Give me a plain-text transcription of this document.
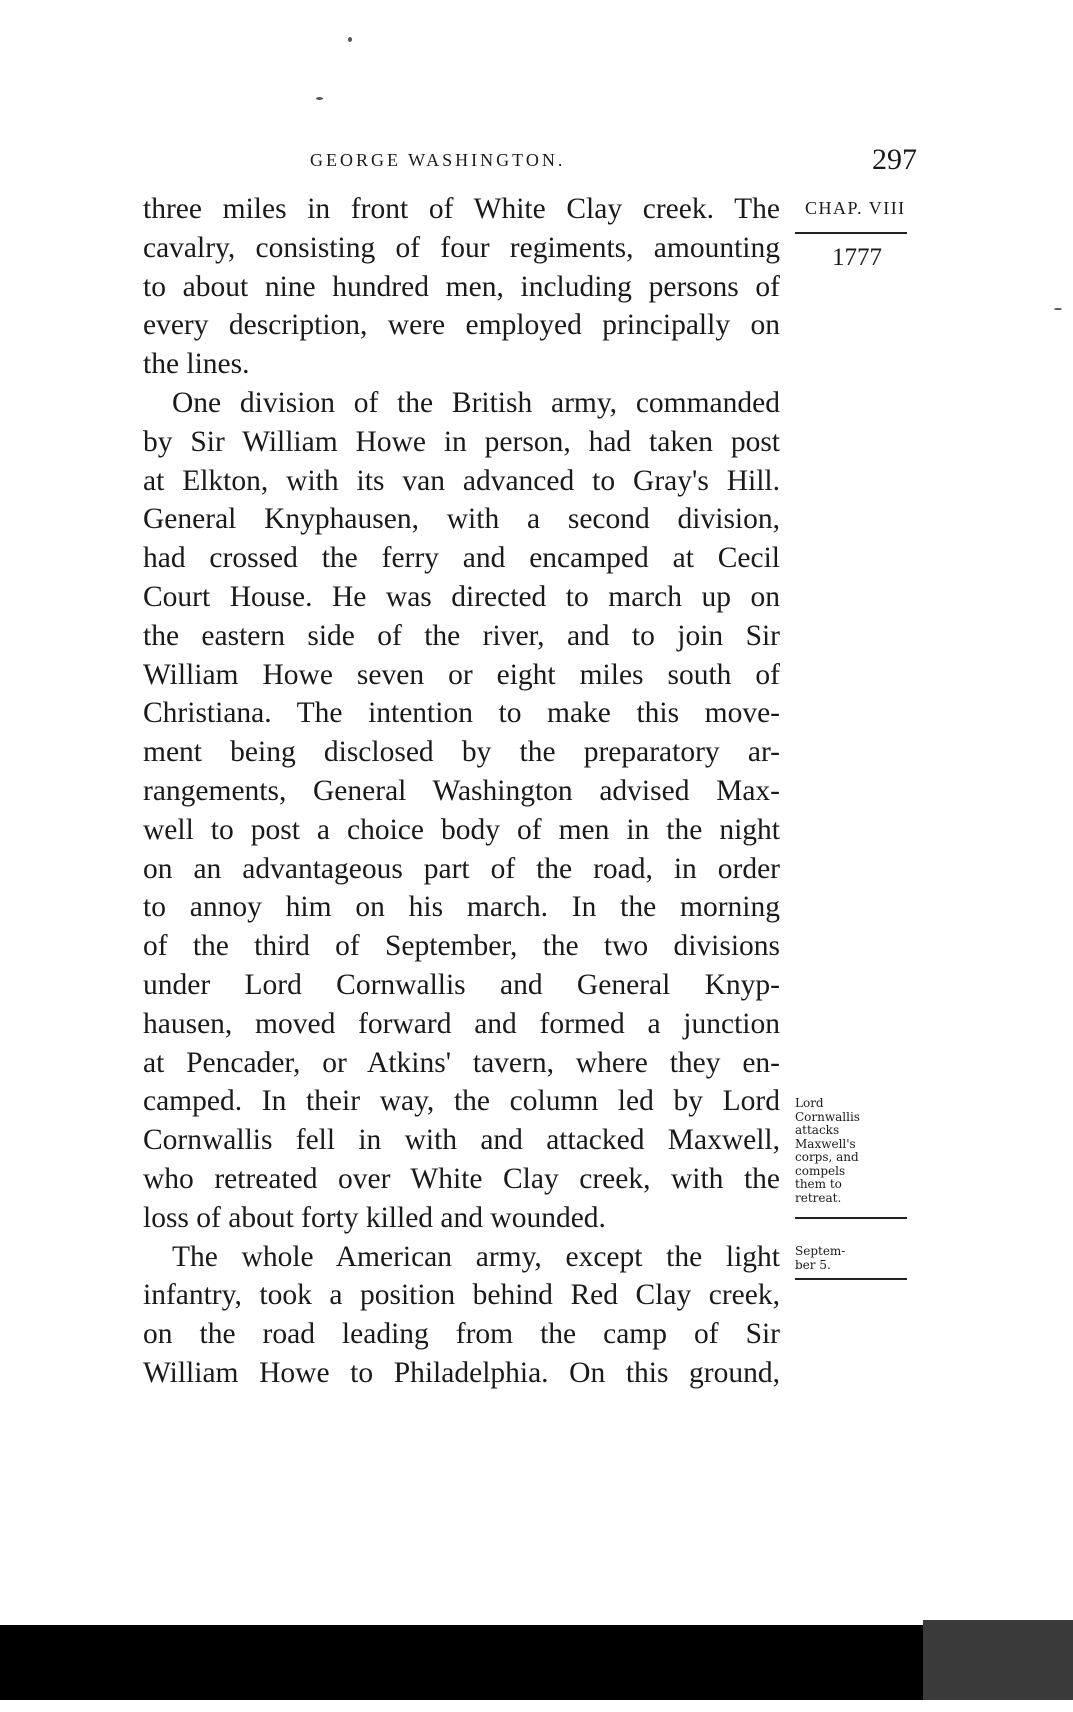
GEORGE WASHINGTON.	297
CHAP. VIII
1777
three miles in front of White Clay creek. The
cavalry, consisting of four regiments, amounting
to about nine hundred men, including persons of
every description, were employed principally on
the lines.
One division of the British army, commanded
by Sir William Howe in person, had taken post
at Elkton, with its van advanced to Gray's Hill.
General Knyphausen, with a second division,
had crossed the ferry and encamped at Cecil
Court House. He was directed to march up on
the eastern side of the river, and to join Sir
William Howe seven or eight miles south of
Christiana. The intention to make this move-
ment being disclosed by the preparatory ar-
rangements, General Washington advised Max-
well to post a choice body of men in the night
on an advantageous part of the road, in order
to annoy him on his march. In the morning
of the third of September, the two divisions
under Lord Cornwallis and General Knyp-
hausen, moved forward and formed a junction
at Pencader, or Atkins' tavern, where they en-
camped. In their way, the column led by Lord
Cornwallis fell in with and attacked Maxwell,
who retreated over White Clay creek, with the
loss of about forty killed and wounded.
The whole American army, except the light
infantry, took a position behind Red Clay creek,
on the road leading from the camp of Sir
William Howe to Philadelphia. On this ground,
Lord
Cornwallis
attacks
Maxwell's
corps, and
compels
them to
retreat.
Septem-
ber 5.
